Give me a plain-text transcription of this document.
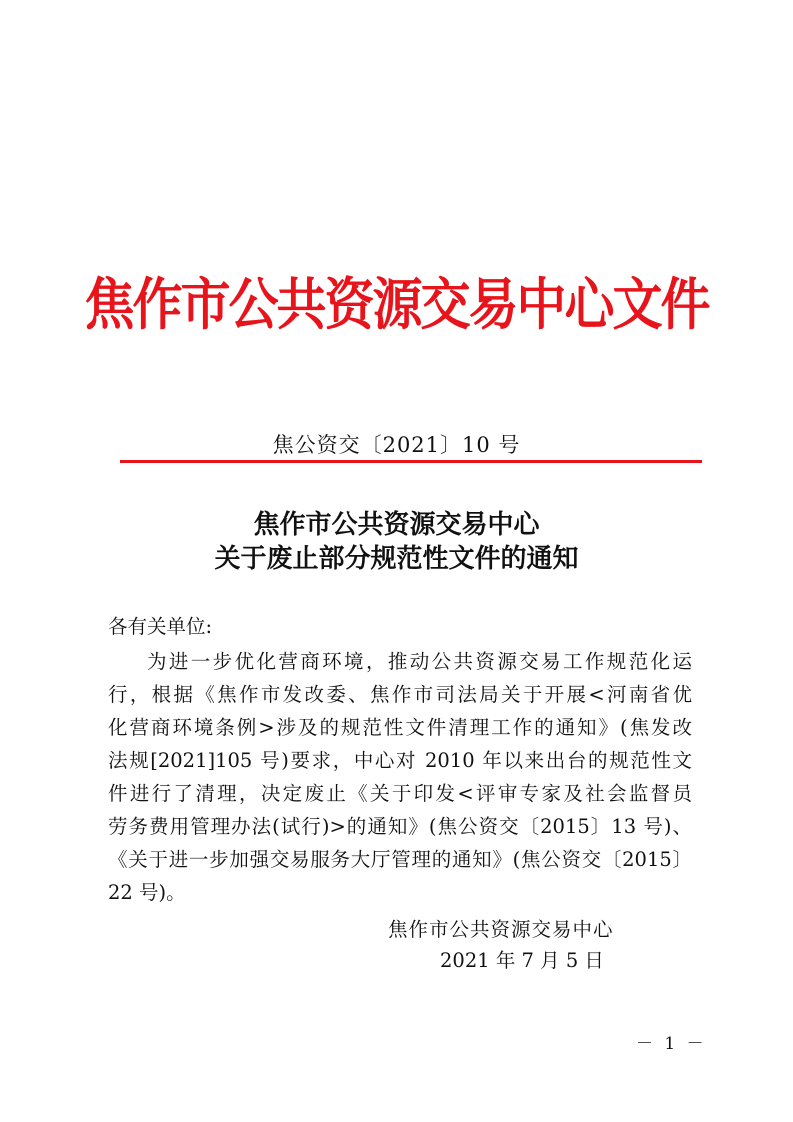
焦作市公共资源交易中心文件
焦公资交〔2021〕10 号
焦作市公共资源交易中心
关于废止部分规范性文件的通知
各有关单位:
为进一步优化营商环境，推动公共资源交易工作规范化运
行，根据《焦作市发改委、焦作市司法局关于开展<河南省优
化营商环境条例>涉及的规范性文件清理工作的通知》(焦发改
法规[2021]105 号)要求，中心对 2010 年以来出台的规范性文
件进行了清理，决定废止《关于印发<评审专家及社会监督员
劳务费用管理办法(试行)>的通知》(焦公资交〔2015〕13 号)、
《关于进一步加强交易服务大厅管理的通知》(焦公资交〔2015〕
22 号)。
焦作市公共资源交易中心
2021 年 7 月 5 日
－ 1 －
